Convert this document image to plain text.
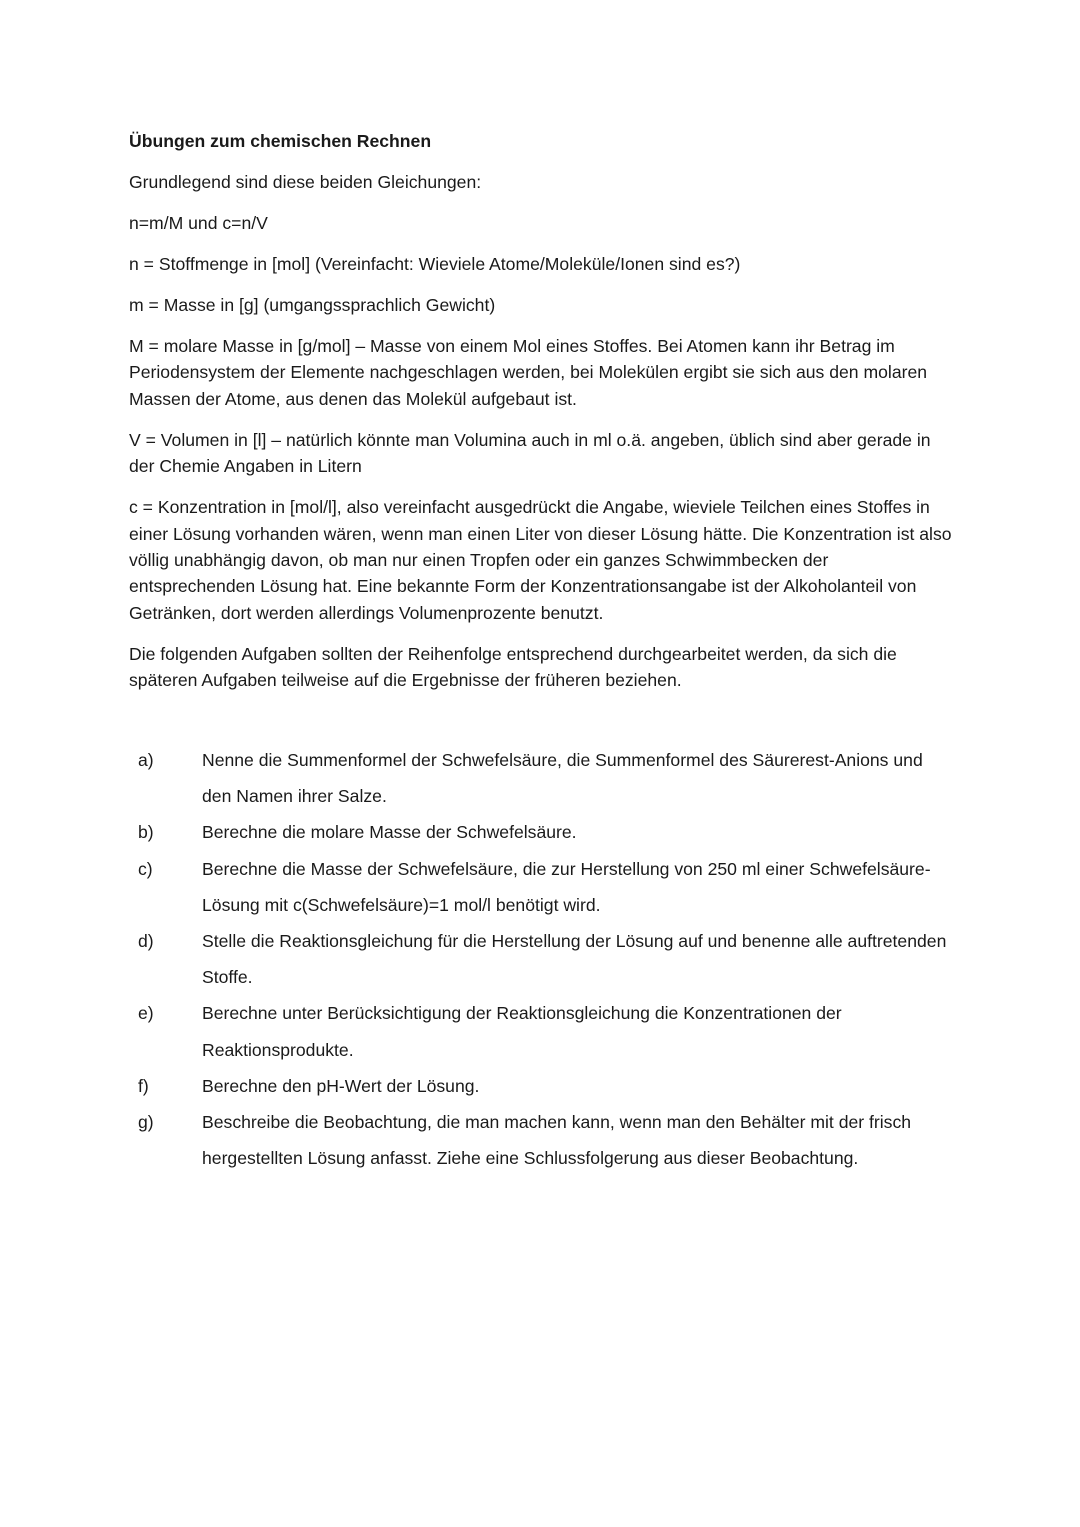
Übungen zum chemischen Rechnen

Grundlegend sind diese beiden Gleichungen:

n=m/M und c=n/V

n = Stoffmenge in [mol] (Vereinfacht: Wieviele Atome/Moleküle/Ionen sind es?)

m = Masse in [g] (umgangssprachlich Gewicht)

M = molare Masse in [g/mol] – Masse von einem Mol eines Stoffes. Bei Atomen kann ihr Betrag im Periodensystem der Elemente nachgeschlagen werden, bei Molekülen ergibt sie sich aus den molaren Massen der Atome, aus denen das Molekül aufgebaut ist.

V = Volumen in [l] – natürlich könnte man Volumina auch in ml o.ä. angeben, üblich sind aber gerade in der Chemie Angaben in Litern

c = Konzentration in [mol/l], also vereinfacht ausgedrückt die Angabe, wieviele Teilchen eines Stoffes in einer Lösung vorhanden wären, wenn man einen Liter von dieser Lösung hätte. Die Konzentration ist also völlig unabhängig davon, ob man nur einen Tropfen oder ein ganzes Schwimmbecken der entsprechenden Lösung hat. Eine bekannte Form der Konzentrationsangabe ist der Alkoholanteil von Getränken, dort werden allerdings Volumenprozente benutzt.

Die folgenden Aufgaben sollten der Reihenfolge entsprechend durchgearbeitet werden, da sich die späteren Aufgaben teilweise auf die Ergebnisse der früheren beziehen.

a)	Nenne die Summenformel der Schwefelsäure, die Summenformel des Säurerest-Anions und den Namen ihrer Salze.
b)	Berechne die molare Masse der Schwefelsäure.
c)	Berechne die Masse der Schwefelsäure, die zur Herstellung von 250 ml einer Schwefelsäure-Lösung mit c(Schwefelsäure)=1 mol/l benötigt wird.
d)	Stelle die Reaktionsgleichung für die Herstellung der Lösung auf und benenne alle auftretenden Stoffe.
e)	Berechne unter Berücksichtigung der Reaktionsgleichung die Konzentrationen der Reaktionsprodukte.
f)	Berechne den pH-Wert der Lösung.
g)	Beschreibe die Beobachtung, die man machen kann, wenn man den Behälter mit der frisch hergestellten Lösung anfasst. Ziehe eine Schlussfolgerung aus dieser Beobachtung.
